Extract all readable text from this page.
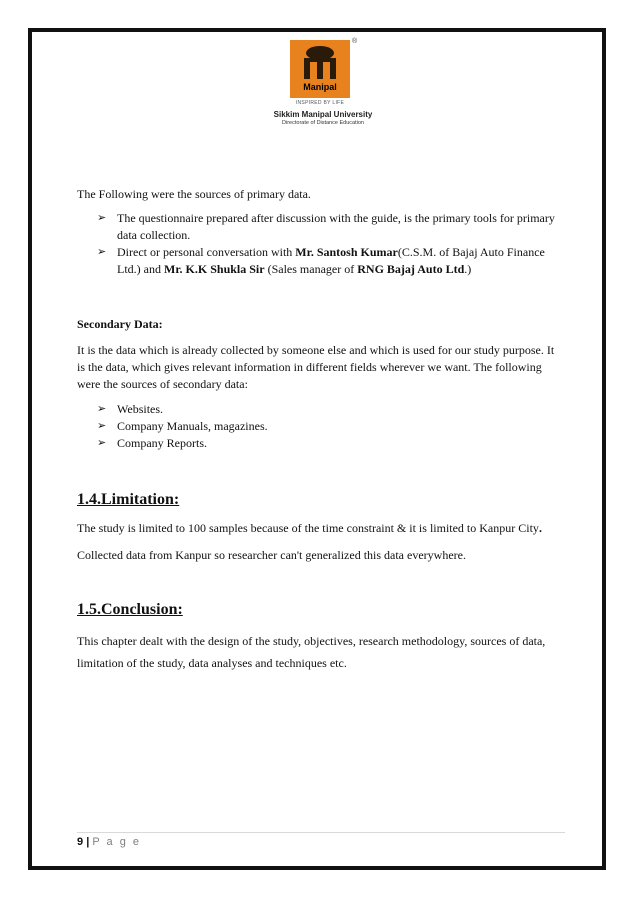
®
Manipal
INSPIRED BY LIFE
Sikkim Manipal University
Directorate of Distance Education

The Following were the sources of primary data.

➢ The questionnaire prepared after discussion with the guide, is the primary tools for primary data collection.
➢ Direct or personal conversation with Mr. Santosh Kumar(C.S.M. of Bajaj Auto Finance Ltd.) and Mr. K.K Shukla Sir (Sales manager of RNG Bajaj Auto Ltd.)

Secondary Data:

It is the data which is already collected by someone else and which is used for our study purpose. It is the data, which gives relevant information in different fields wherever we want. The following were the sources of secondary data:

➢ Websites.
➢ Company Manuals, magazines.
➢ Company Reports.

1.4.Limitation:

The study is limited to 100 samples because of the time constraint & it is limited to Kanpur City.

Collected data from Kanpur so researcher can't generalized this data everywhere.

1.5.Conclusion:

This chapter dealt with the design of the study, objectives, research methodology, sources of data, limitation of the study, data analyses and techniques etc.

9 | P a g e
